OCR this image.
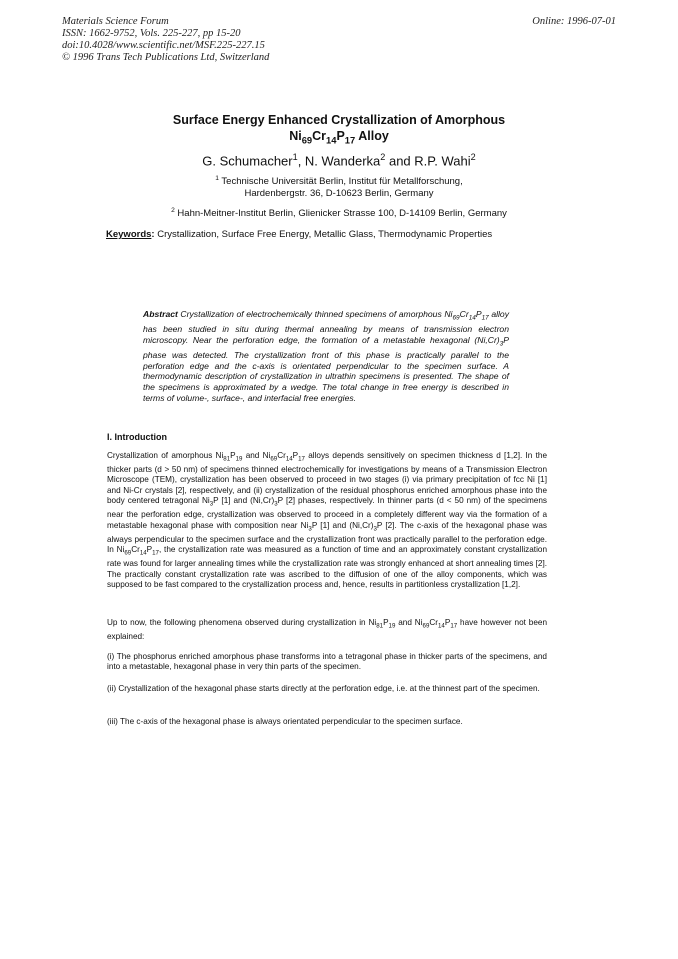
Materials Science Forum
ISSN: 1662-9752, Vols. 225-227, pp 15-20
doi:10.4028/www.scientific.net/MSF.225-227.15
© 1996 Trans Tech Publications Ltd, Switzerland
Online: 1996-07-01
Surface Energy Enhanced Crystallization of Amorphous
$Ni_{69}Cr_{14}P_{17}$ Alloy
G. Schumacher$^1$, N. Wanderka$^2$ and R.P. Wahi$^2$
$^1$ Technische Universität Berlin, Institut für Metallforschung,
Hardenbergstr. 36, D-10623 Berlin, Germany
$^2$ Hahn-Meitner-Institut Berlin, Glienicker Strasse 100, D-14109 Berlin, Germany
Keywords: Crystallization, Surface Free Energy, Metallic Glass, Thermodynamic Properties
Abstract Crystallization of electrochemically thinned specimens of amorphous $Ni_{69}Cr_{14}P_{17}$ alloy has been studied in situ during thermal annealing by means of transmission electron microscopy. Near the perforation edge, the formation of a metastable hexagonal $(Ni,Cr)_3P$ phase was detected. The crystallization front of this phase is practically parallel to the perforation edge and the c-axis is orientated perpendicular to the specimen surface. A thermodynamic description of crystallization in ultrathin specimens is presented. The shape of the specimens is approximated by a wedge. The total change in free energy is described in terms of volume-, surface-, and interfacial free energies.
I. Introduction
Crystallization of amorphous $Ni_{81}P_{19}$ and $Ni_{69}Cr_{14}P_{17}$ alloys depends sensitively on specimen thickness d [1,2]. In the thicker parts (d > 50 nm) of specimens thinned electrochemically for investigations by means of a Transmission Electron Microscope (TEM), crystallization has been observed to proceed in two stages (i) via primary precipitation of fcc Ni [1] and Ni-Cr crystals [2], respectively, and (ii) crystallization of the residual phosphorus enriched amorphous phase into the body centered tetragonal $Ni_3P$ [1] and $(Ni,Cr)_3P$ [2] phases, respectively. In thinner parts (d < 50 nm) of the specimens near the perforation edge, crystallization was observed to proceed in a completely different way via the formation of a metastable hexagonal phase with composition near $Ni_3P$ [1] and $(Ni,Cr)_3P$ [2]. The c-axis of the hexagonal phase was always perpendicular to the specimen surface and the crystallization front was practically parallel to the perforation edge. In $Ni_{69}Cr_{14}P_{17}$, the crystallization rate was measured as a function of time and an approximately constant crystallization rate was found for larger annealing times while the crystallization rate was strongly enhanced at short annealing times [2]. The practically constant crystallization rate was ascribed to the diffusion of one of the alloy components, which was supposed to be fast compared to the crystallization process and, hence, results in partitionless crystallization [1,2].
Up to now, the following phenomena observed during crystallization in $Ni_{81}P_{19}$ and $Ni_{69}Cr_{14}P_{17}$ have however not been explained:
(i) The phosphorus enriched amorphous phase transforms into a tetragonal phase in thicker parts of the specimens, and into a metastable, hexagonal phase in very thin parts of the specimen.
(ii) Crystallization of the hexagonal phase starts directly at the perforation edge, i.e. at the thinnest part of the specimen.
(iii) The c-axis of the hexagonal phase is always orientated perpendicular to the specimen surface.
